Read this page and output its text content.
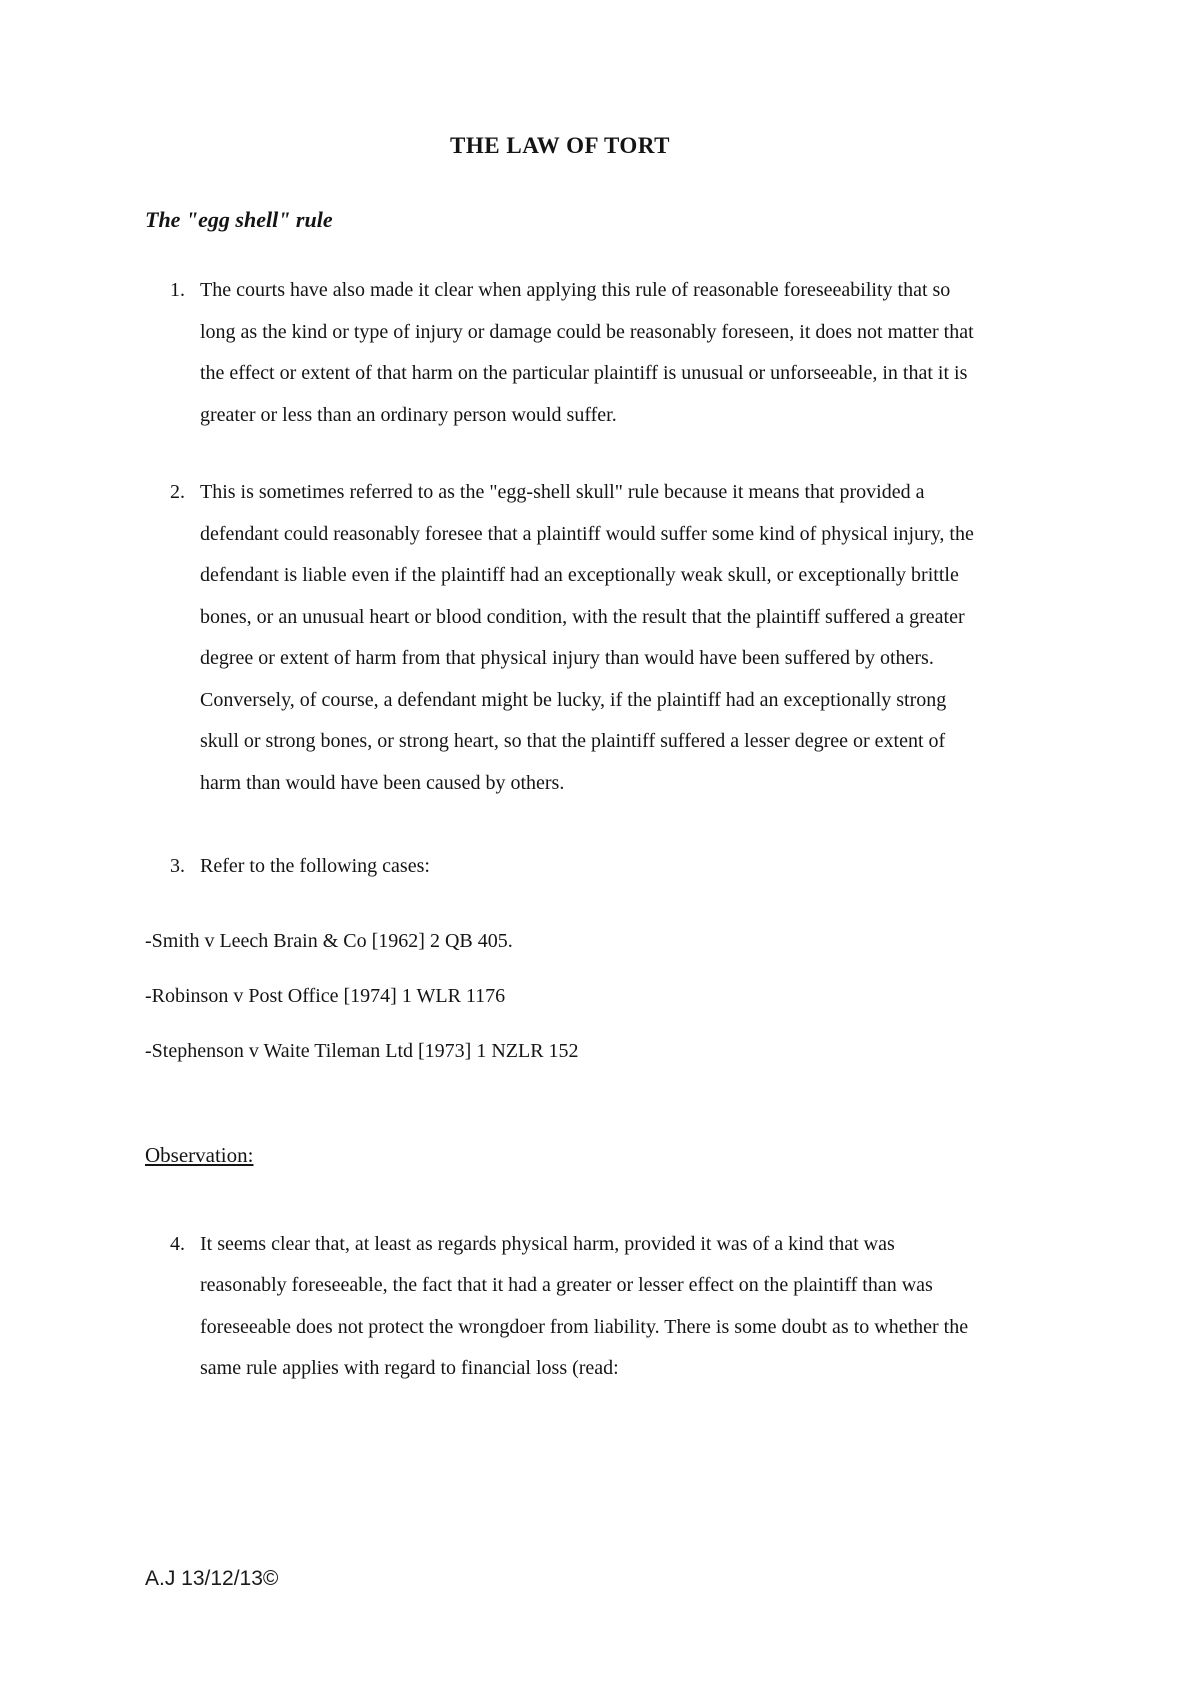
THE LAW OF TORT
The "egg shell" rule
1. The courts have also made it clear when applying this rule of reasonable foreseeability that so long as the kind or type of injury or damage could be reasonably foreseen, it does not matter that the effect or extent of that harm on the particular plaintiff is unusual or unforseeable, in that it is greater or less than an ordinary person would suffer.
2. This is sometimes referred to as the "egg-shell skull" rule because it means that provided a defendant could reasonably foresee that a plaintiff would suffer some kind of physical injury, the defendant is liable even if the plaintiff had an exceptionally weak skull, or exceptionally brittle bones, or an unusual heart or blood condition, with the result that the plaintiff suffered a greater degree or extent of harm from that physical injury than would have been suffered by others. Conversely, of course, a defendant might be lucky, if the plaintiff had an exceptionally strong skull or strong bones, or strong heart, so that the plaintiff suffered a lesser degree or extent of harm than would have been caused by others.
3. Refer to the following cases:

-Smith v Leech Brain & Co [1962] 2 QB 405.

-Robinson v Post Office [1974] 1 WLR 1176

-Stephenson v Waite Tileman Ltd [1973] 1 NZLR 152

Observation:
4. It seems clear that, at least as regards physical harm, provided it was of a kind that was reasonably foreseeable, the fact that it had a greater or lesser effect on the plaintiff than was foreseeable does not protect the wrongdoer from liability. There is some doubt as to whether the same rule applies with regard to financial loss (read:
A.J 13/12/13©
